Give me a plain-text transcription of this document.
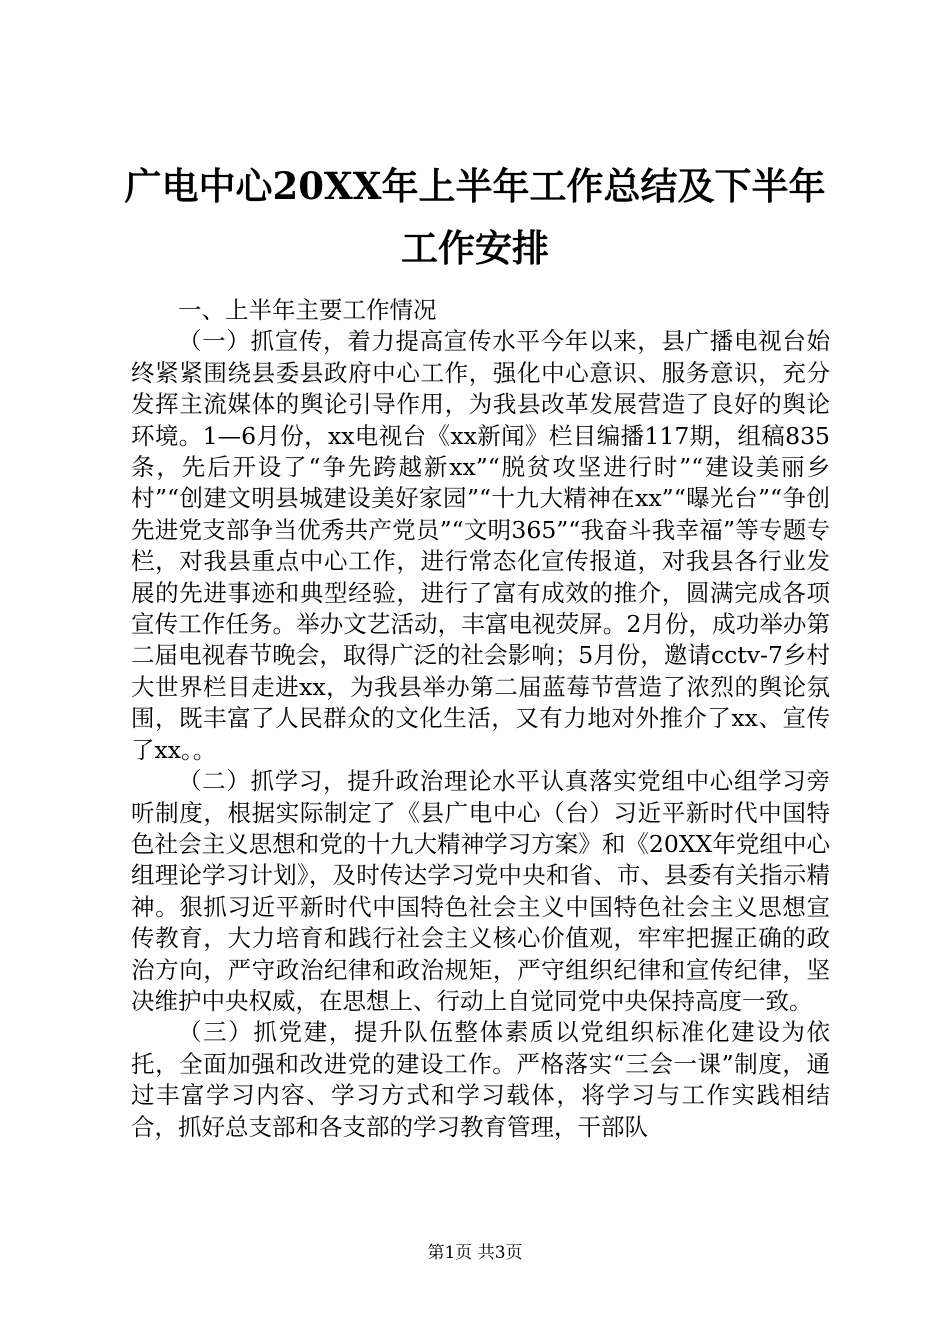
广电中心20XX年上半年工作总结及下半年工作安排

一、上半年主要工作情况

（一）抓宣传，着力提高宣传水平今年以来，县广播电视台始终紧紧围绕县委县政府中心工作，强化中心意识、服务意识，充分发挥主流媒体的舆论引导作用，为我县改革发展营造了良好的舆论环境。1—6月份，xx电视台《xx新闻》栏目编播117期，组稿835条，先后开设了“争先跨越新xx”“脱贫攻坚进行时”“建设美丽乡村”“创建文明县城建设美好家园”“十九大精神在xx”“曝光台”“争创先进党支部争当优秀共产党员”“文明365”“我奋斗我幸福”等专题专栏，对我县重点中心工作，进行常态化宣传报道，对我县各行业发展的先进事迹和典型经验，进行了富有成效的推介，圆满完成各项宣传工作任务。举办文艺活动，丰富电视荧屏。2月份，成功举办第二届电视春节晚会，取得广泛的社会影响；5月份，邀请cctv-7乡村大世界栏目走进xx，为我县举办第二届蓝莓节营造了浓烈的舆论氛围，既丰富了人民群众的文化生活，又有力地对外推介了xx、宣传了xx。。

（二）抓学习，提升政治理论水平认真落实党组中心组学习旁听制度，根据实际制定了《县广电中心（台）习近平新时代中国特色社会主义思想和党的十九大精神学习方案》和《20XX年党组中心组理论学习计划》，及时传达学习党中央和省、市、县委有关指示精神。狠抓习近平新时代中国特色社会主义中国特色社会主义思想宣传教育，大力培育和践行社会主义核心价值观，牢牢把握正确的政治方向，严守政治纪律和政治规矩，严守组织纪律和宣传纪律，坚决维护中央权威，在思想上、行动上自觉同党中央保持高度一致。

（三）抓党建，提升队伍整体素质以党组织标准化建设为依托，全面加强和改进党的建设工作。严格落实“三会一课”制度，通过丰富学习内容、学习方式和学习载体，将学习与工作实践相结合，抓好总支部和各支部的学习教育管理，干部队

第1页 共3页
